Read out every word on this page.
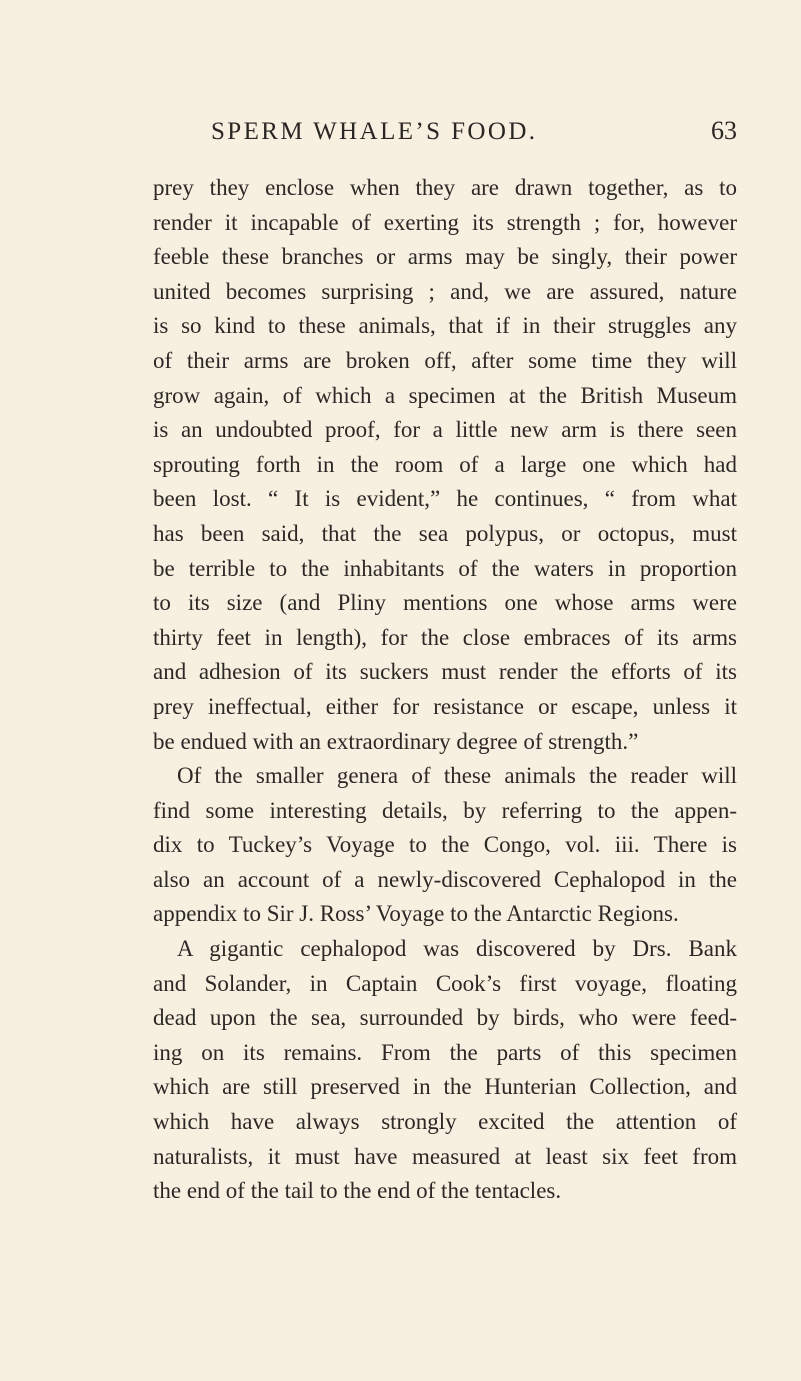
SPERM WHALE’S FOOD.	63
prey they enclose when they are drawn together, as to
render it incapable of exerting its strength ; for, however
feeble these branches or arms may be singly, their power
united becomes surprising ; and, we are assured, nature
is so kind to these animals, that if in their struggles any
of their arms are broken off, after some time they will
grow again, of which a specimen at the British Museum
is an undoubted proof, for a little new arm is there seen
sprouting forth in the room of a large one which had
been lost. “ It is evident,” he continues, “ from what
has been said, that the sea polypus, or octopus, must
be terrible to the inhabitants of the waters in proportion
to its size (and Pliny mentions one whose arms were
thirty feet in length), for the close embraces of its arms
and adhesion of its suckers must render the efforts of its
prey ineffectual, either for resistance or escape, unless it
be endued with an extraordinary degree of strength.”
Of the smaller genera of these animals the reader will
find some interesting details, by referring to the appen-
dix to Tuckey’s Voyage to the Congo, vol. iii. There is
also an account of a newly-discovered Cephalopod in the
appendix to Sir J. Ross’ Voyage to the Antarctic Regions.
A gigantic cephalopod was discovered by Drs. Bank
and Solander, in Captain Cook’s first voyage, floating
dead upon the sea, surrounded by birds, who were feed-
ing on its remains. From the parts of this specimen
which are still preserved in the Hunterian Collection, and
which have always strongly excited the attention of
naturalists, it must have measured at least six feet from
the end of the tail to the end of the tentacles.
